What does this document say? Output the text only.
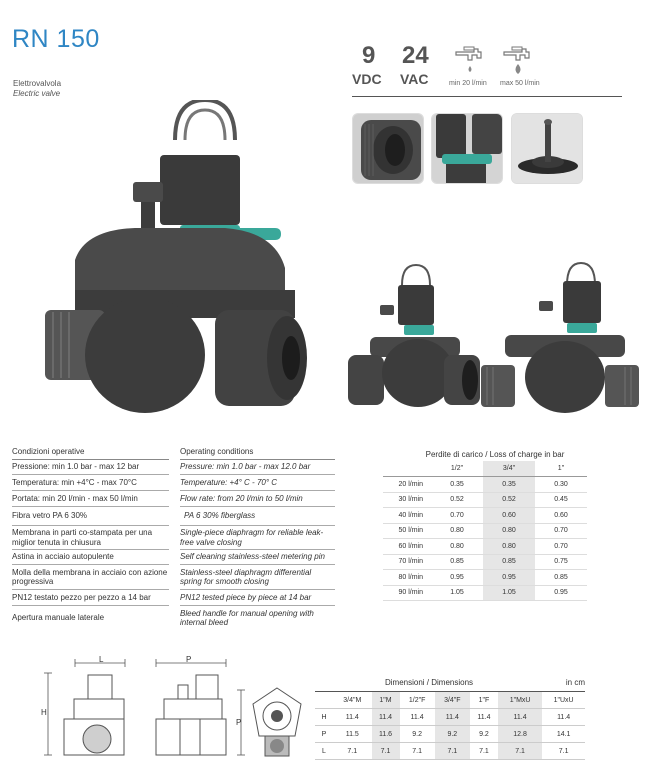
RN 150
Elettrovalvola
Electric valve
9
VDC
24
VAC	min 20 l/min max 50 l/min
Condizioni operative
Pressione: min 1.0 bar - max 12 bar
Temperatura: min +4°C - max 70°C
Portata: min 20 l/min - max 50 l/min
Fibra vetro PA 6 30%
Membrana in parti co-stampata per una miglior tenuta in chiusura
Astina in acciaio autopulente
Molla della membrana in acciaio con azione progressiva
PN12 testato pezzo per pezzo a 14 bar
Apertura manuale laterale
Operating conditions
Pressure: min 1.0 bar - max 12.0 bar
Temperature: +4° C - 70° C
Flow rate: from 20 l/min to 50 l/min
PA 6 30% fiberglass
Single-piece diaphragm for reliable leak-free valve closing
Self cleaning stainless-steel metering pin
Stainless-steel diaphragm differential spring for smooth closing
PN12 tested piece by piece at 14 bar
Bleed handle for manual opening with internal bleed
Perdite di carico / Loss of charge in bar
	1/2"	3/4"	1"
20 l/min	0.35	0.35	0.30
30 l/min	0.52	0.52	0.45
40 l/min	0.70	0.60	0.60
50 l/min	0.80	0.80	0.70
60 l/min	0.80	0.80	0.70
70 l/min	0.85	0.85	0.75
80 l/min	0.95	0.95	0.85
90 l/min	1.05	1.05	0.95
L
H
P
P
Dimensioni / Dimensions	in cm
	3/4"M	1"M	1/2"F	3/4"F	1"F	1"MxU	1"UxU
H	11.4	11.4	11.4	11.4	11.4	11.4	11.4
P	11.5	11.6	9.2	9.2	9.2	12.8	14.1
L	7.1	7.1	7.1	7.1	7.1	7.1	7.1
